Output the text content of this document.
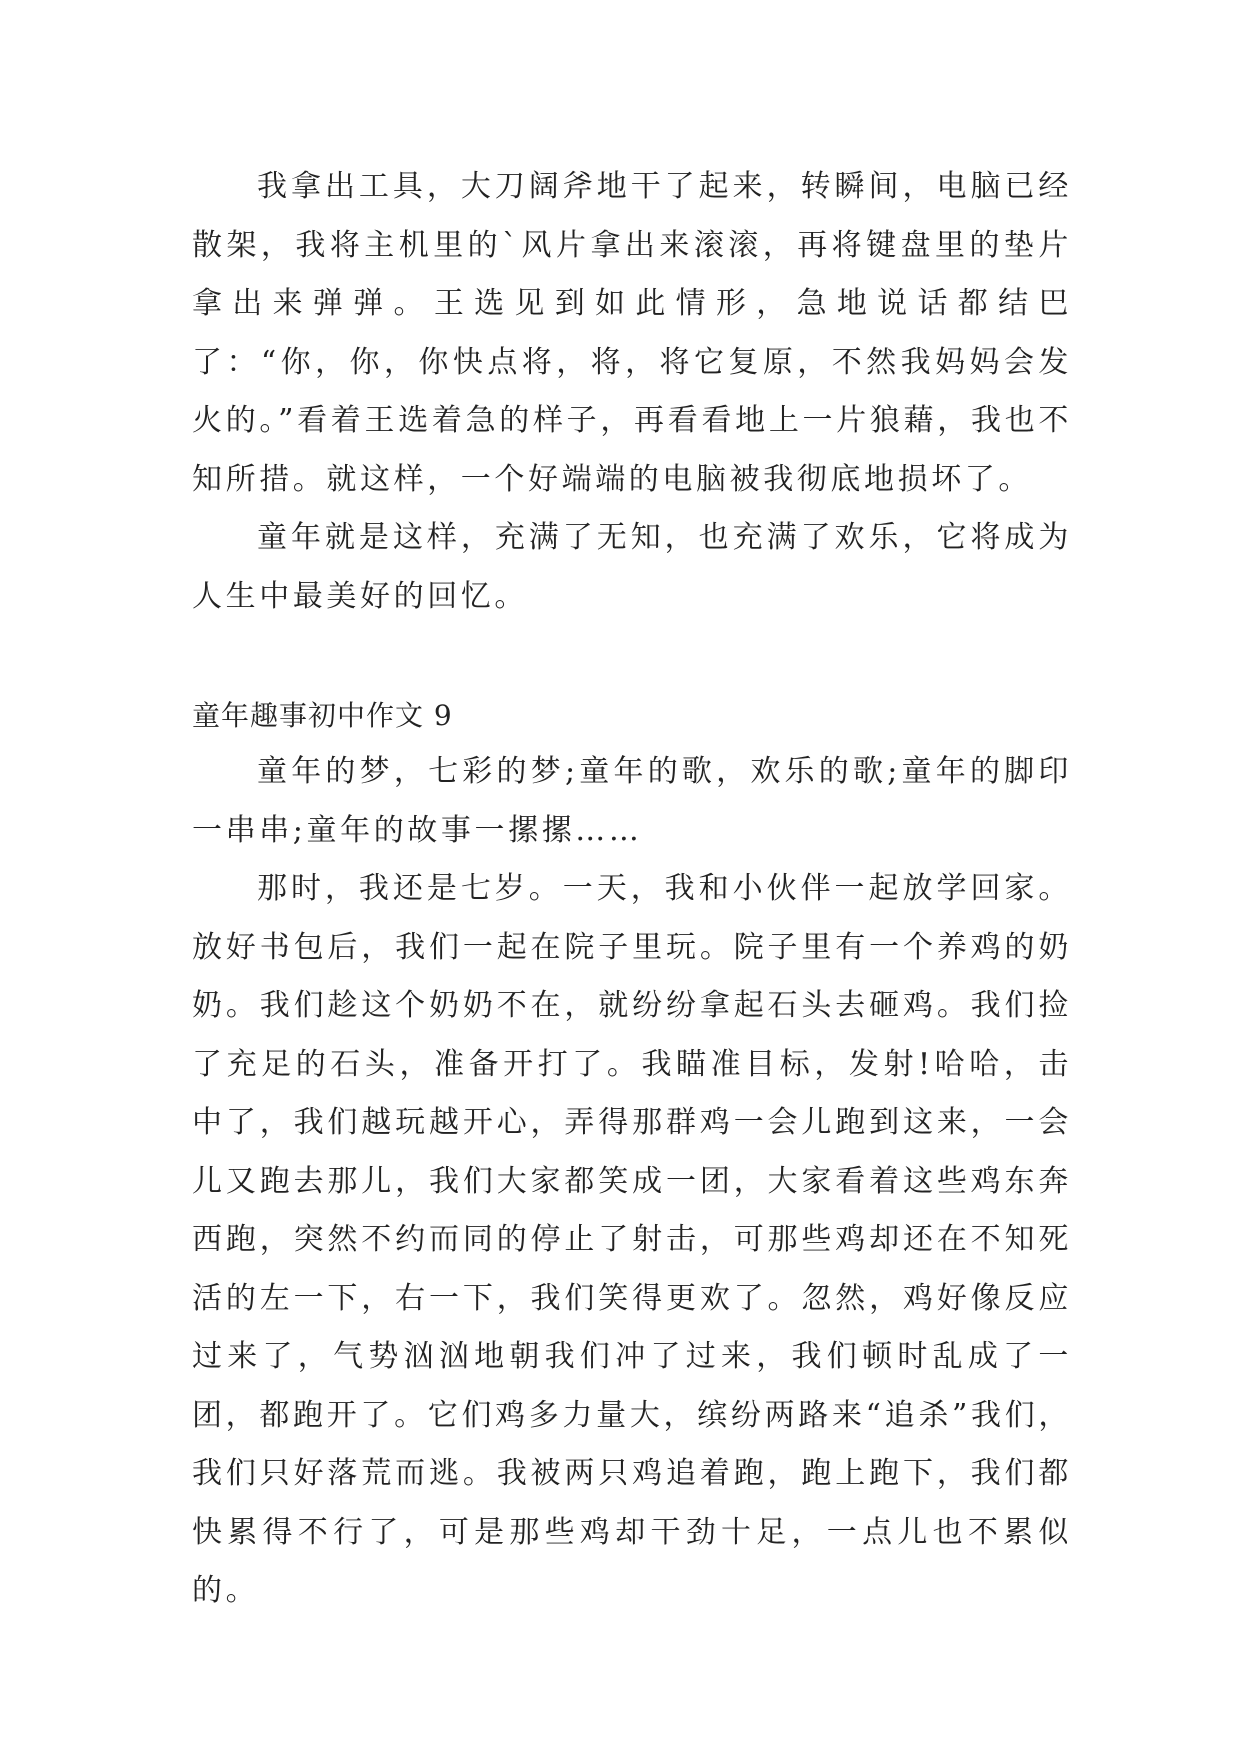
我拿出工具，大刀阔斧地干了起来，转瞬间，电脑已经散架，我将主机里的`风片拿出来滚滚，再将键盘里的垫片拿出来弹弹。王选见到如此情形，急地说话都结巴了：“你，你，你快点将，将，将它复原，不然我妈妈会发火的。”看着王选着急的样子，再看看地上一片狼藉，我也不知所措。就这样，一个好端端的电脑被我彻底地损坏了。

童年就是这样，充满了无知，也充满了欢乐，它将成为人生中最美好的回忆。

童年趣事初中作文 9

童年的梦，七彩的梦;童年的歌，欢乐的歌;童年的脚印一串串;童年的故事一摞摞……

那时，我还是七岁。一天，我和小伙伴一起放学回家。放好书包后，我们一起在院子里玩。院子里有一个养鸡的奶奶。我们趁这个奶奶不在，就纷纷拿起石头去砸鸡。我们捡了充足的石头，准备开打了。我瞄准目标，发射!哈哈，击中了，我们越玩越开心，弄得那群鸡一会儿跑到这来，一会儿又跑去那儿，我们大家都笑成一团，大家看着这些鸡东奔西跑，突然不约而同的停止了射击，可那些鸡却还在不知死活的左一下，右一下，我们笑得更欢了。忽然，鸡好像反应过来了，气势汹汹地朝我们冲了过来，我们顿时乱成了一团，都跑开了。它们鸡多力量大，缤纷两路来“追杀”我们，我们只好落荒而逃。我被两只鸡追着跑，跑上跑下，我们都快累得不行了，可是那些鸡却干劲十足，一点儿也不累似的。
